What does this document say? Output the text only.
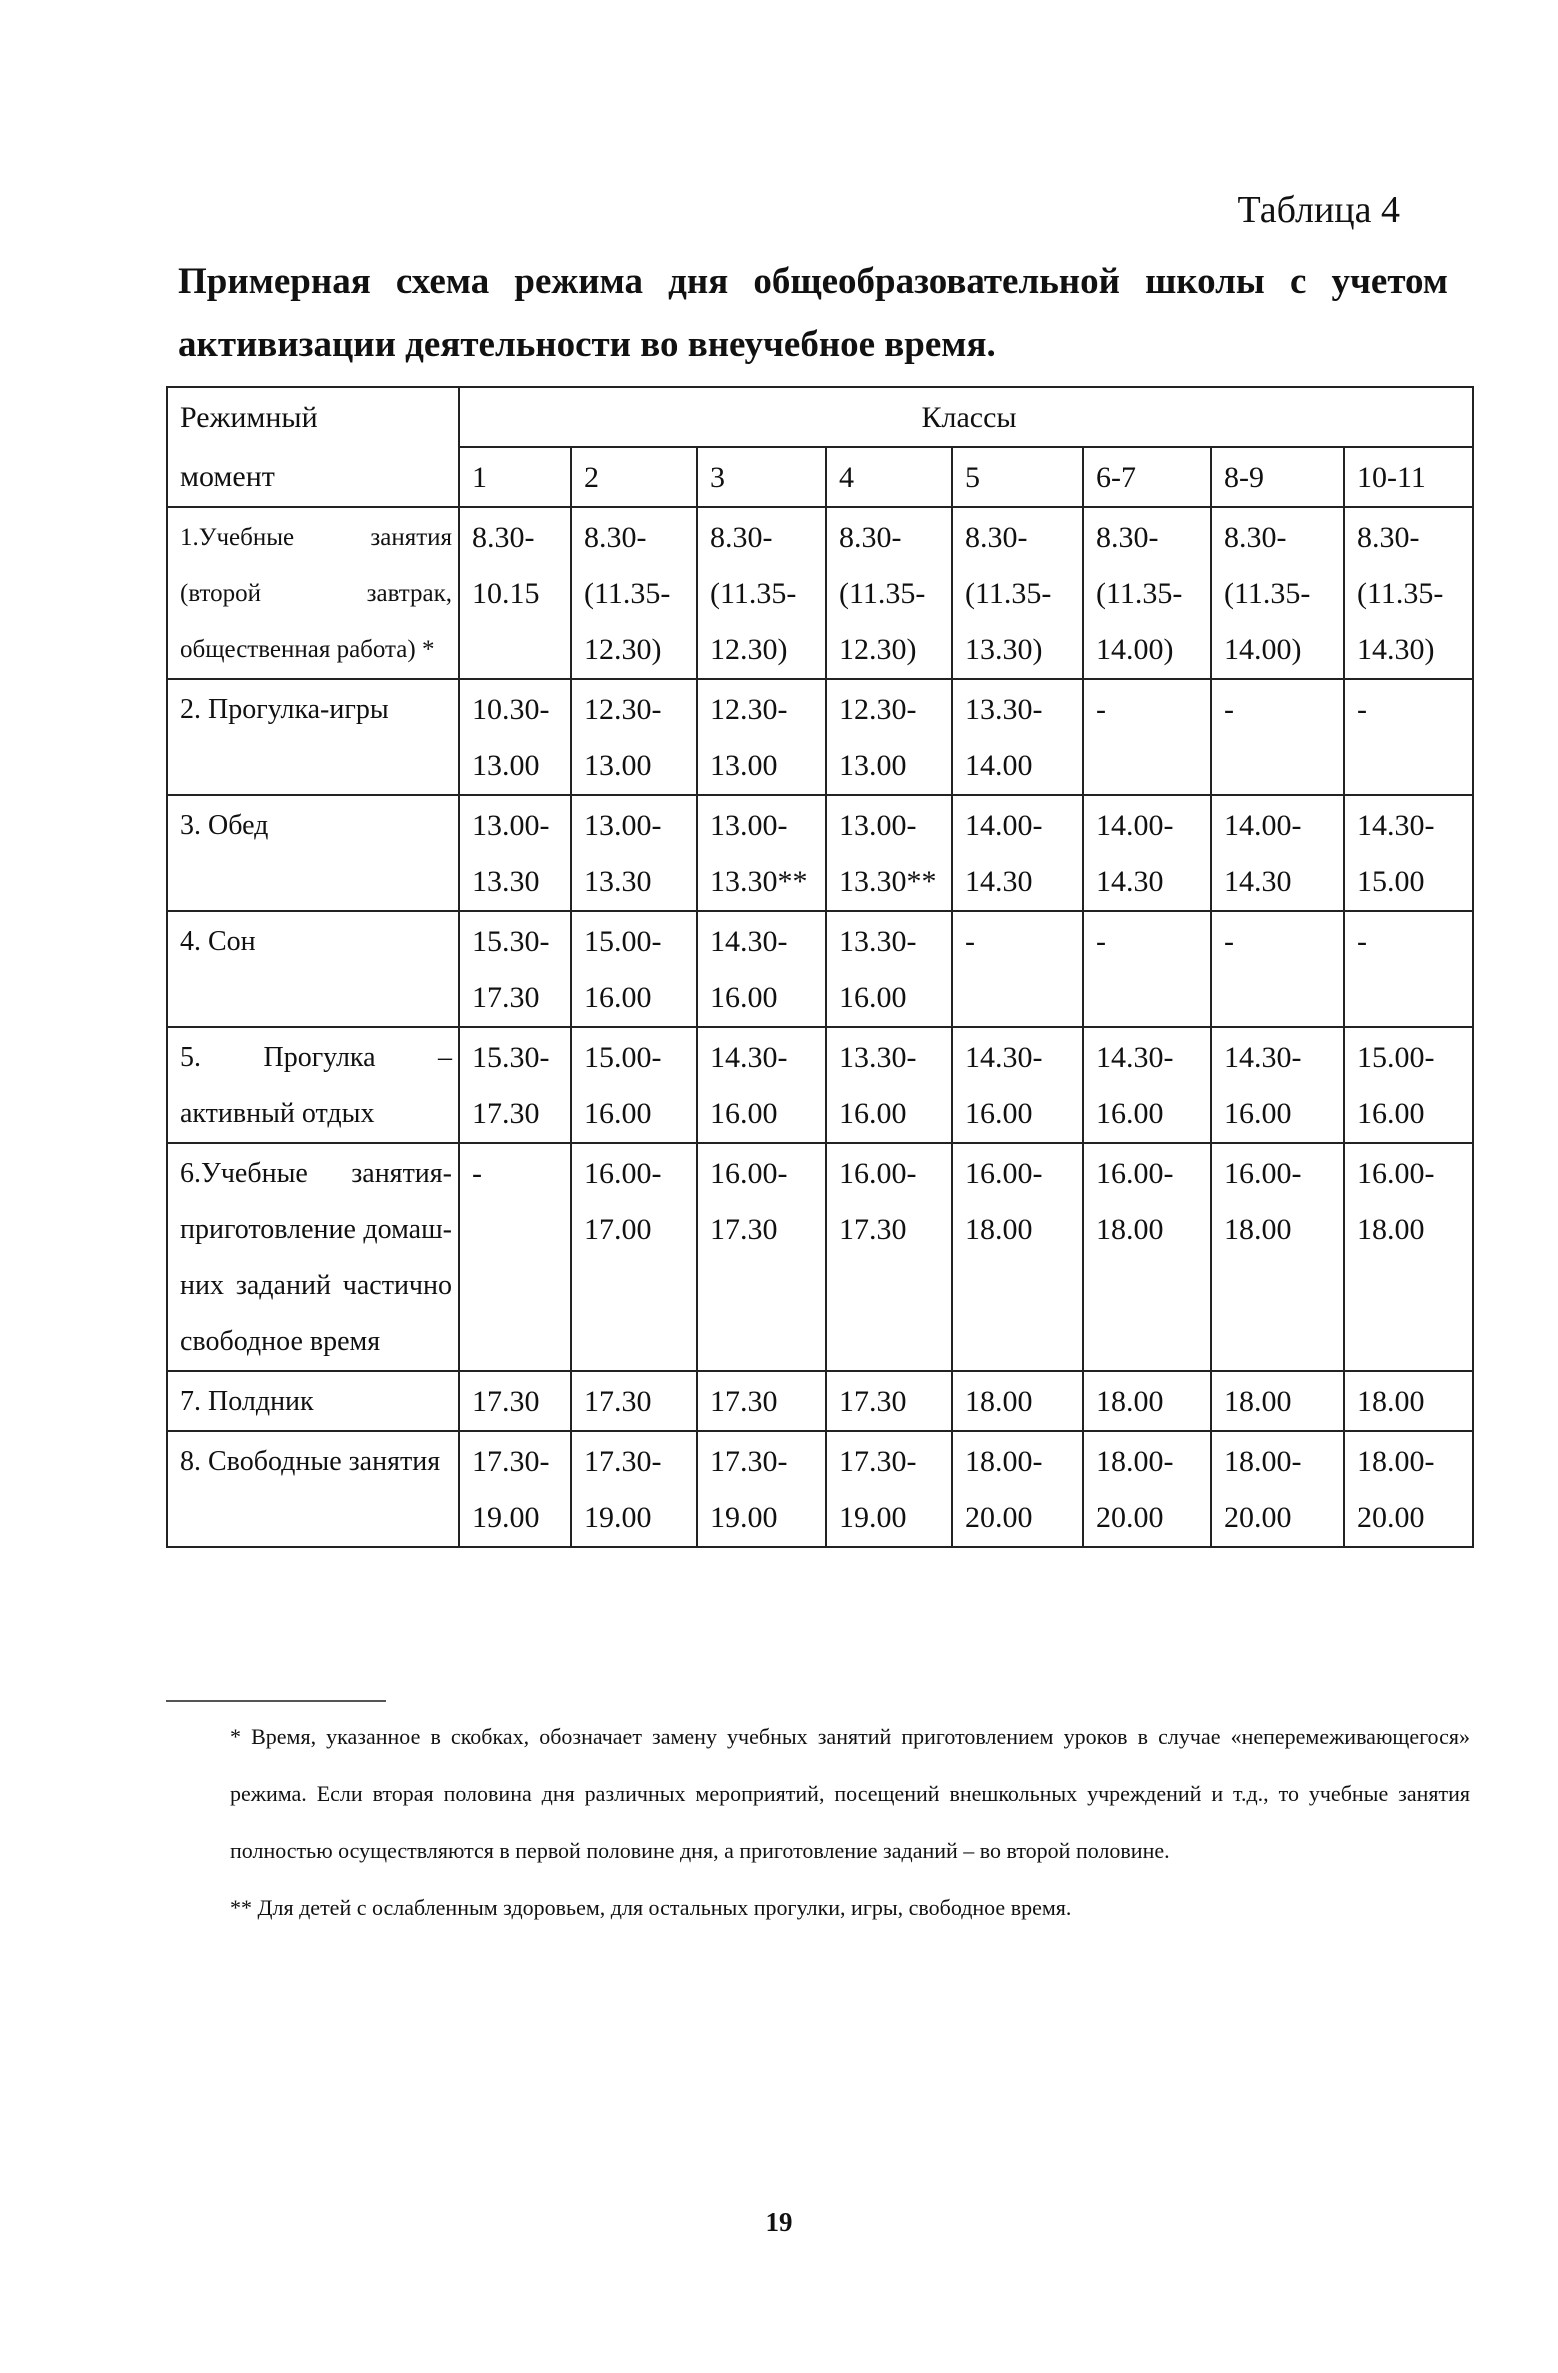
Таблица 4
Примерная схема режима дня общеобразовательной школы с учетом активизации деятельности во внеучебное время.
Режимный	Классы							
момент	1	2	3	4	5	6-7	8-9	10-11

1.Учебные занятия (второй завтрак, общественная работа) *	8.30-
10.15	8.30-
(11.35-
12.30)	8.30-
(11.35-
12.30)	8.30-
(11.35-
12.30)	8.30-
(11.35-
13.30)	8.30-
(11.35-
14.00)	8.30-
(11.35-
14.00)	8.30-
(11.35-
14.30)

2. Прогулка-игры	10.30-
13.00	12.30-
13.00	12.30-
13.00	12.30-
13.00	13.30-
14.00	-	-	-

3. Обед	13.00-
13.30	13.00-
13.30	13.00-
13.30**	13.00-
13.30**	14.00-
14.30	14.00-
14.30	14.00-
14.30	14.30-
15.00

4. Сон	15.30-
17.30	15.00-
16.00	14.30-
16.00	13.30-
16.00	-	-	-	-

5. Прогулка – активный отдых	15.30-
17.30	15.00-
16.00	14.30-
16.00	13.30-
16.00	14.30-
16.00	14.30-
16.00	14.30-
16.00	15.00-
16.00

6.Учебные занятия-приготовление домаш- них заданий частично свободное время	-	16.00-
17.00	16.00-
17.30	16.00-
17.30	16.00-
18.00	16.00-
18.00	16.00-
18.00	16.00-
18.00

7. Полдник	17.30	17.30	17.30	17.30	18.00	18.00	18.00	18.00

8. Свободные занятия	17.30-
19.00	17.30-
19.00	17.30-
19.00	17.30-
19.00	18.00-
20.00	18.00-
20.00	18.00-
20.00	18.00-
20.00

* Время, указанное в скобках, обозначает замену учебных занятий приготовлением уроков в случае «неперемеживающегося» режима. Если вторая половина дня различных мероприятий, посещений внешкольных учреждений и т.д., то учебные занятия полностью осуществляются в первой половине дня, а приготовление заданий – во второй половине.

** Для детей с ослабленным здоровьем, для остальных прогулки, игры, свободное время.

19
